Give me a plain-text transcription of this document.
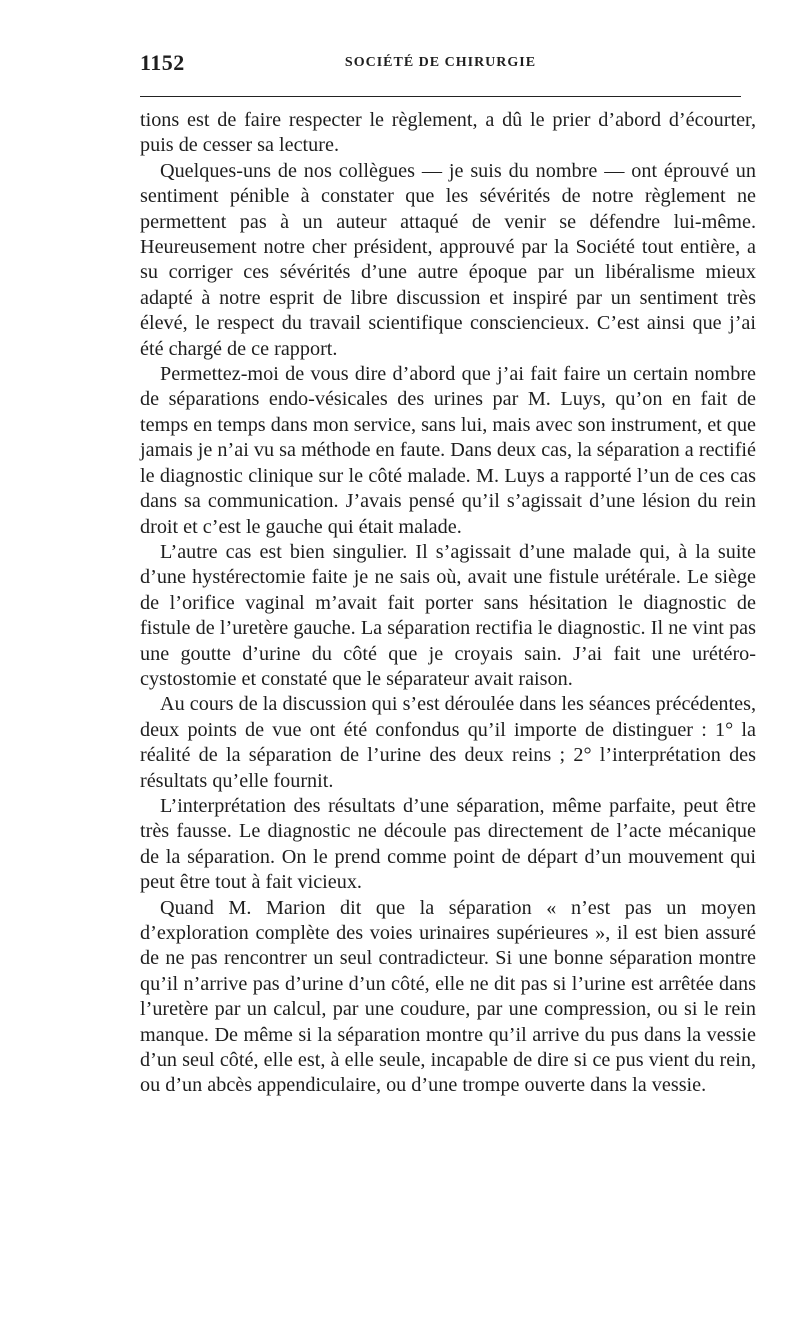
1152	SOCIÉTÉ DE CHIRURGIE

tions est de faire respecter le règlement, a dû le prier d’abord d’écourter, puis de cesser sa lecture.

Quelques-uns de nos collègues — je suis du nombre — ont éprouvé un sentiment pénible à constater que les sévérités de notre règlement ne permettent pas à un auteur attaqué de venir se défendre lui-même. Heureusement notre cher président, approuvé par la Société tout entière, a su corriger ces sévérités d’une autre époque par un libéralisme mieux adapté à notre esprit de libre discussion et inspiré par un sentiment très élevé, le respect du travail scientifique consciencieux. C’est ainsi que j’ai été chargé de ce rapport.

Permettez-moi de vous dire d’abord que j’ai fait faire un certain nombre de séparations endo-vésicales des urines par M. Luys, qu’on en fait de temps en temps dans mon service, sans lui, mais avec son instrument, et que jamais je n’ai vu sa méthode en faute. Dans deux cas, la séparation a rectifié le diagnostic clinique sur le côté malade. M. Luys a rapporté l’un de ces cas dans sa communication. J’avais pensé qu’il s’agissait d’une lésion du rein droit et c’est le gauche qui était malade.

L’autre cas est bien singulier. Il s’agissait d’une malade qui, à la suite d’une hystérectomie faite je ne sais où, avait une fistule urétérale. Le siège de l’orifice vaginal m’avait fait porter sans hésitation le diagnostic de fistule de l’uretère gauche. La séparation rectifia le diagnostic. Il ne vint pas une goutte d’urine du côté que je croyais sain. J’ai fait une urétéro-cystostomie et constaté que le séparateur avait raison.

Au cours de la discussion qui s’est déroulée dans les séances précédentes, deux points de vue ont été confondus qu’il importe de distinguer : 1° la réalité de la séparation de l’urine des deux reins ; 2° l’interprétation des résultats qu’elle fournit.

L’interprétation des résultats d’une séparation, même parfaite, peut être très fausse. Le diagnostic ne découle pas directement de l’acte mécanique de la séparation. On le prend comme point de départ d’un mouvement qui peut être tout à fait vicieux.

Quand M. Marion dit que la séparation « n’est pas un moyen d’exploration complète des voies urinaires supérieures », il est bien assuré de ne pas rencontrer un seul contradicteur. Si une bonne séparation montre qu’il n’arrive pas d’urine d’un côté, elle ne dit pas si l’urine est arrêtée dans l’uretère par un calcul, par une coudure, par une compression, ou si le rein manque. De même si la séparation montre qu’il arrive du pus dans la vessie d’un seul côté, elle est, à elle seule, incapable de dire si ce pus vient du rein, ou d’un abcès appendiculaire, ou d’une trompe ouverte dans la vessie.
